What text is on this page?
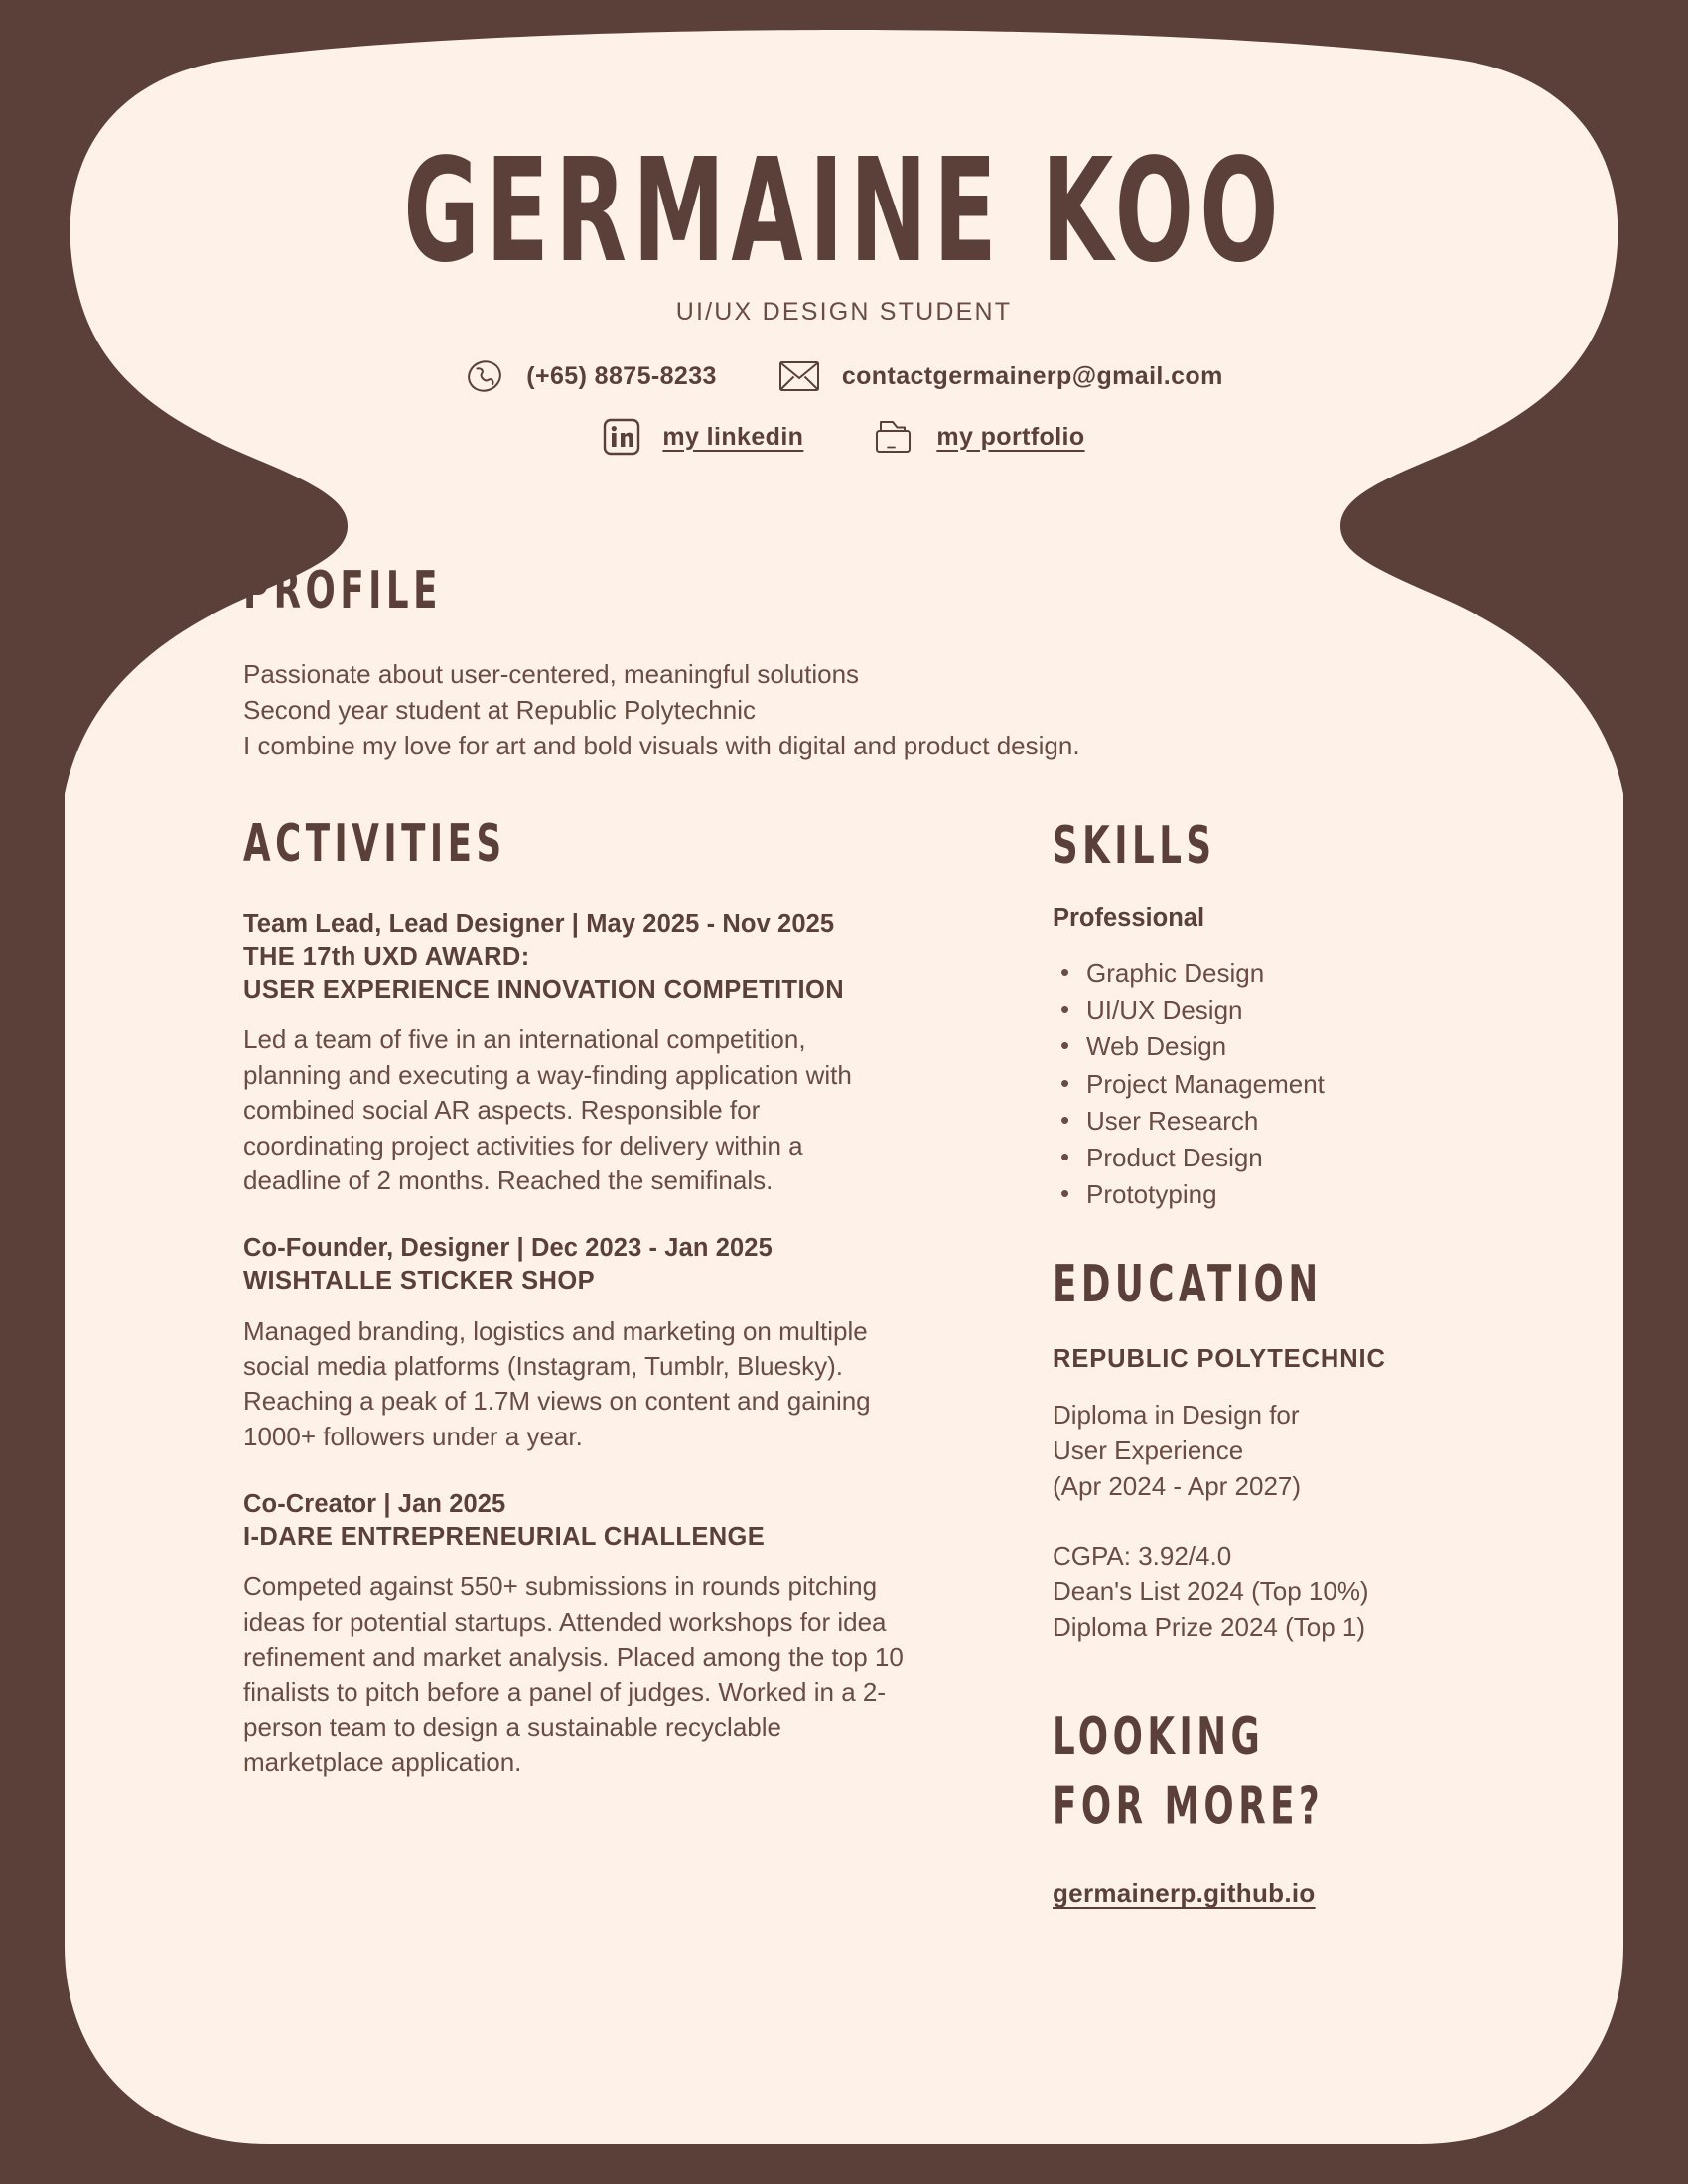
GERMAINE KOO
UI/UX DESIGN STUDENT
(+65) 8875-8233	contactgermainerp@gmail.com
my linkedin	my portfolio
PROFILE
Passionate about user-centered, meaningful solutions
Second year student at Republic Polytechnic
I combine my love for art and bold visuals with digital and product design.
ACTIVITIES
Team Lead, Lead Designer | May 2025 - Nov 2025
THE 17th UXD AWARD:
USER EXPERIENCE INNOVATION COMPETITION
Led a team of five in an international competition, planning and executing a way-finding application with combined social AR aspects. Responsible for coordinating project activities for delivery within a deadline of 2 months. Reached the semifinals.
Co-Founder, Designer | Dec 2023 - Jan 2025
WISHTALLE STICKER SHOP
Managed branding, logistics and marketing on multiple social media platforms (Instagram, Tumblr, Bluesky). Reaching a peak of 1.7M views on content and gaining 1000+ followers under a year.
Co-Creator | Jan 2025
I-DARE ENTREPRENEURIAL CHALLENGE
Competed against 550+ submissions in rounds pitching ideas for potential startups. Attended workshops for idea refinement and market analysis. Placed among the top 10 finalists to pitch before a panel of judges. Worked in a 2-person team to design a sustainable recyclable marketplace application.
SKILLS
Professional
• Graphic Design
• UI/UX Design
• Web Design
• Project Management
• User Research
• Product Design
• Prototyping
EDUCATION
REPUBLIC POLYTECHNIC
Diploma in Design for
User Experience
(Apr 2024 - Apr 2027)
CGPA: 3.92/4.0
Dean's List 2024 (Top 10%)
Diploma Prize 2024 (Top 1)
LOOKING FOR MORE?
germainerp.github.io
